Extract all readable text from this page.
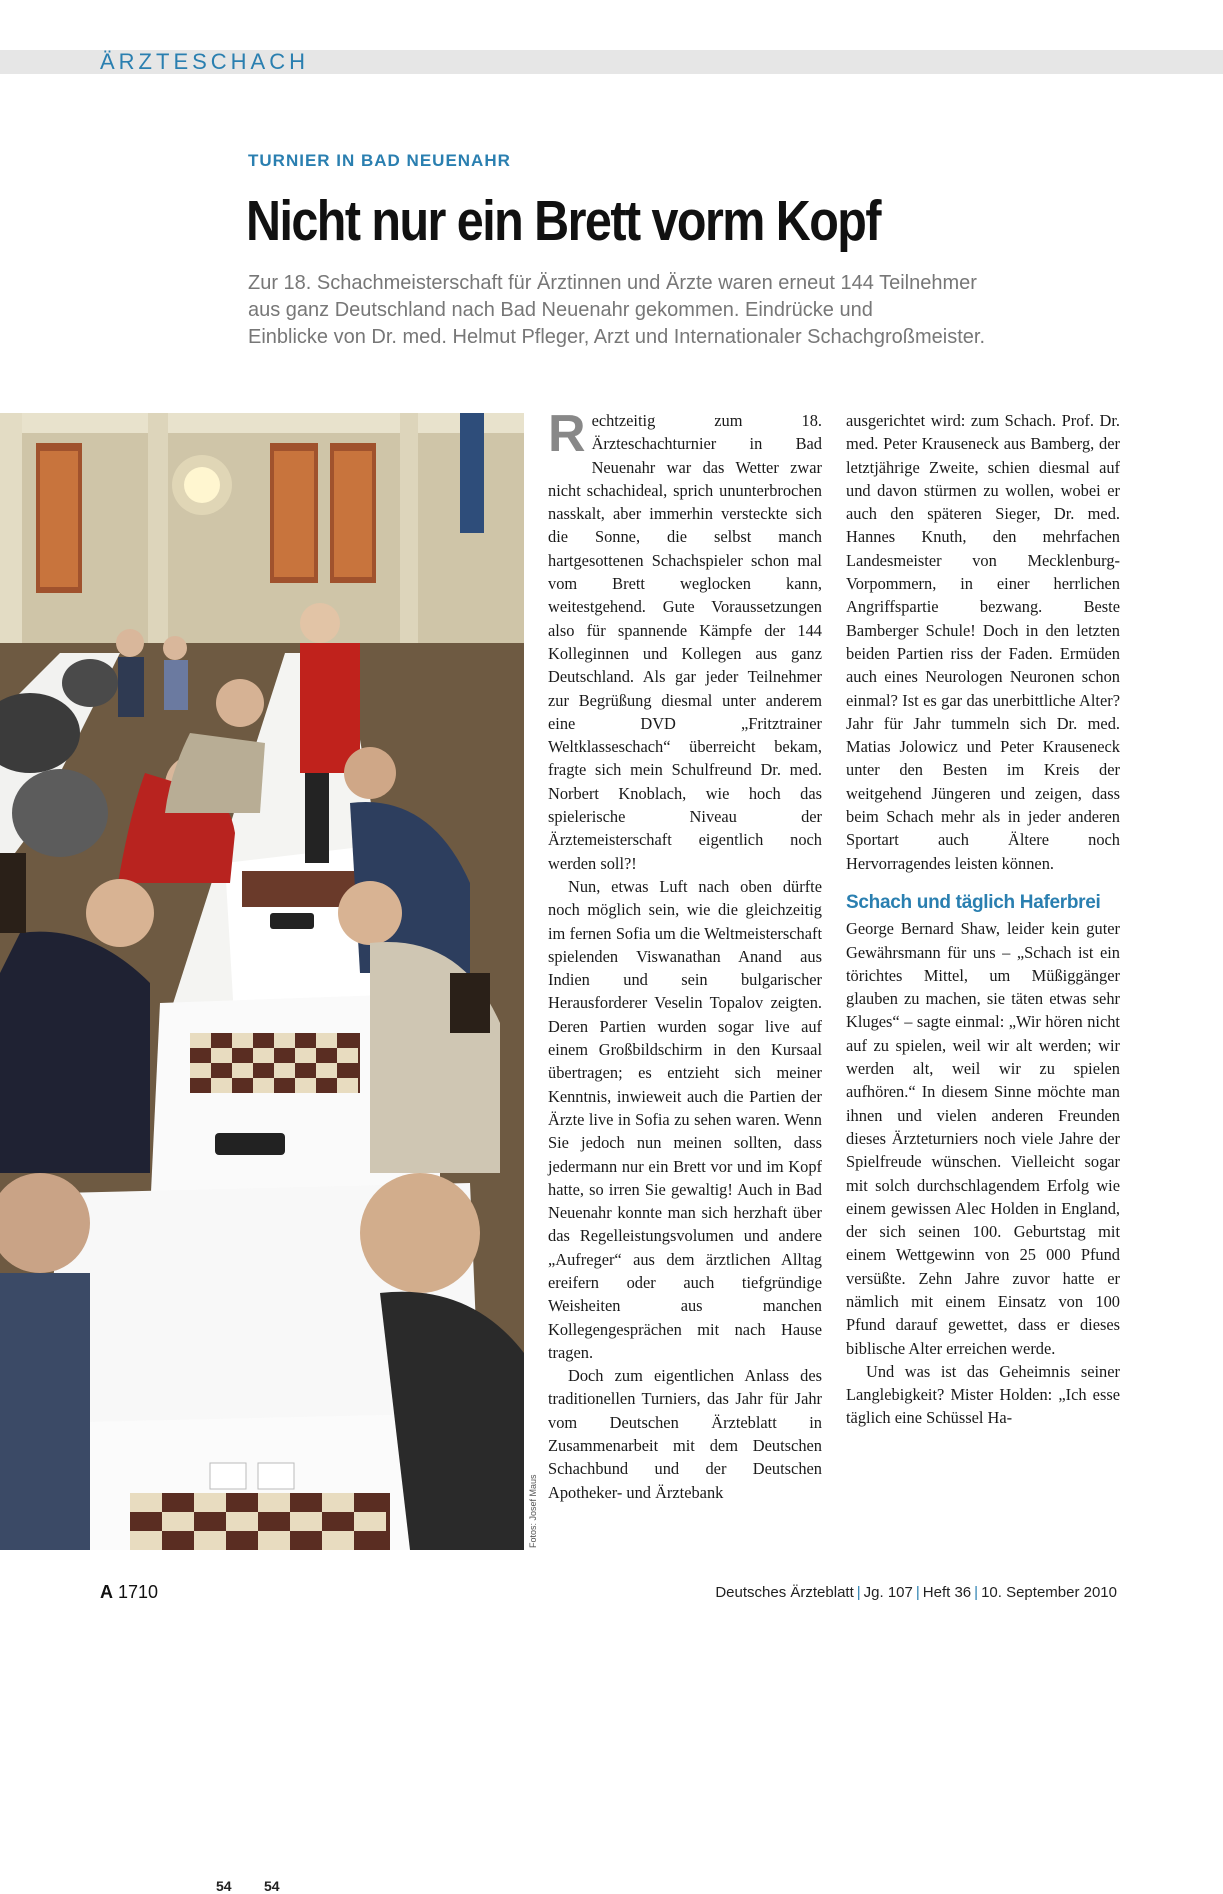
ÄRZTESCHACH
TURNIER IN BAD NEUENAHR
Nicht nur ein Brett vorm Kopf
Zur 18. Schachmeisterschaft für Ärztinnen und Ärzte waren erneut 144 Teilnehmer
aus ganz Deutschland nach Bad Neuenahr gekommen. Eindrücke und
Einblicke von Dr. med. Helmut Pfleger, Arzt und Internationaler Schachgroßmeister.
54 54
Fotos: Josef Maus

Rechtzeitig zum 18. Ärzteschachturnier in Bad Neuenahr war das Wetter zwar nicht schachideal, sprich ununterbrochen nasskalt, aber immerhin versteckte sich die Sonne, die selbst manch hartgesottenen Schachspieler schon mal vom Brett weglocken kann, weitestgehend. Gute Voraussetzungen also für spannende Kämpfe der 144 Kolleginnen und Kollegen aus ganz Deutschland. Als gar jeder Teilnehmer zur Begrüßung diesmal unter anderem eine DVD „Fritztrainer Weltklasseschach“ überreicht bekam, fragte sich mein Schulfreund Dr. med. Norbert Knoblach, wie hoch das spielerische Niveau der Ärztemeisterschaft eigentlich noch werden soll?!

Nun, etwas Luft nach oben dürfte noch möglich sein, wie die gleichzeitig im fernen Sofia um die Weltmeisterschaft spielenden Viswanathan Anand aus Indien und sein bulgarischer Herausforderer Veselin Topalov zeigten. Deren Partien wurden sogar live auf einem Großbildschirm in den Kursaal übertragen; es entzieht sich meiner Kenntnis, inwieweit auch die Partien der Ärzte live in Sofia zu sehen waren. Wenn Sie jedoch nun meinen sollten, dass jedermann nur ein Brett vor und im Kopf hatte, so irren Sie gewaltig! Auch in Bad Neuenahr konnte man sich herzhaft über das Regelleistungsvolumen und andere „Aufreger“ aus dem ärztlichen Alltag ereifern oder auch tiefgründige Weisheiten aus manchen Kollegengesprächen mit nach Hause tragen.

Doch zum eigentlichen Anlass des traditionellen Turniers, das Jahr für Jahr vom Deutschen Ärzteblatt in Zusammenarbeit mit dem Deutschen Schachbund und der Deutschen Apotheker- und Ärztebank

ausgerichtet wird: zum Schach. Prof. Dr. med. Peter Krauseneck aus Bamberg, der letztjährige Zweite, schien diesmal auf und davon stürmen zu wollen, wobei er auch den späteren Sieger, Dr. med. Hannes Knuth, den mehrfachen Landesmeister von Mecklenburg-Vorpommern, in einer herrlichen Angriffspartie bezwang. Beste Bamberger Schule! Doch in den letzten beiden Partien riss der Faden. Ermüden auch eines Neurologen Neuronen schon einmal? Ist es gar das unerbittliche Alter? Jahr für Jahr tummeln sich Dr. med. Matias Jolowicz und Peter Krauseneck unter den Besten im Kreis der weitgehend Jüngeren und zeigen, dass beim Schach mehr als in jeder anderen Sportart auch Ältere noch Hervorragendes leisten können.

Schach und täglich Haferbrei

George Bernard Shaw, leider kein guter Gewährsmann für uns – „Schach ist ein törichtes Mittel, um Müßiggänger glauben zu machen, sie täten etwas sehr Kluges“ – sagte einmal: „Wir hören nicht auf zu spielen, weil wir alt werden; wir werden alt, weil wir zu spielen aufhören.“ In diesem Sinne möchte man ihnen und vielen anderen Freunden dieses Ärzteturniers noch viele Jahre der Spielfreude wünschen. Vielleicht sogar mit solch durchschlagendem Erfolg wie einem gewissen Alec Holden in England, der sich seinen 100. Geburtstag mit einem Wettgewinn von 25 000 Pfund versüßte. Zehn Jahre zuvor hatte er nämlich mit einem Einsatz von 100 Pfund darauf gewettet, dass er dieses biblische Alter erreichen werde.

Und was ist das Geheimnis seiner Langlebigkeit? Mister Holden: „Ich esse täglich eine Schüssel Ha-

A 1710	Deutsches Ärzteblatt | Jg. 107 | Heft 36 | 10. September 2010
